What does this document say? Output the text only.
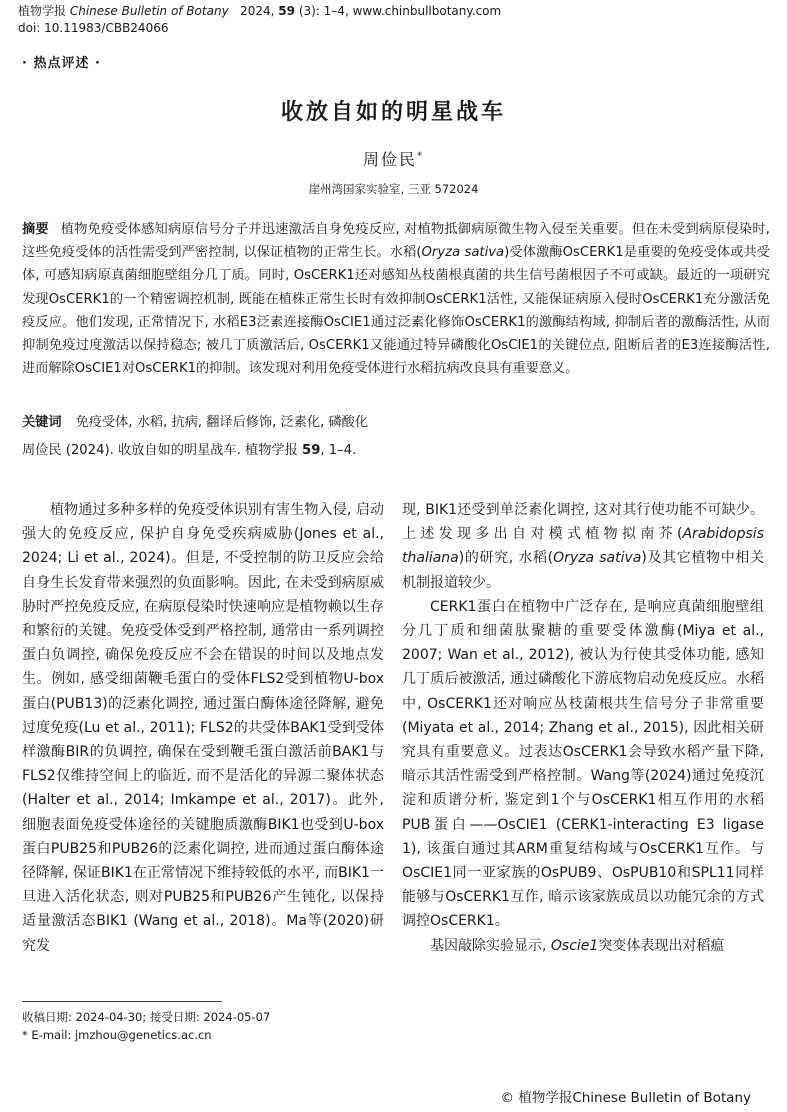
植物学报 Chinese Bulletin of Botany 2024, 59 (3): 1–4, www.chinbullbotany.com
doi: 10.11983/CBB24066
· 热点评述 ·
收放自如的明星战车
周俭民*
崖州湾国家实验室, 三亚 572024
摘要 植物免疫受体感知病原信号分子并迅速激活自身免疫反应, 对植物抵御病原微生物入侵至关重要。但在未受到病原侵染时, 这些免疫受体的活性需受到严密控制, 以保证植物的正常生长。水稻(Oryza sativa)受体激酶OsCERK1是重要的免疫受体或共受体, 可感知病原真菌细胞壁组分几丁质。同时, OsCERK1还对感知丛枝菌根真菌的共生信号菌根因子不可或缺。最近的一项研究发现OsCERK1的一个精密调控机制, 既能在植株正常生长时有效抑制OsCERK1活性, 又能保证病原入侵时OsCERK1充分激活免疫反应。他们发现, 正常情况下, 水稻E3泛素连接酶OsCIE1通过泛素化修饰OsCERK1的激酶结构域, 抑制后者的激酶活性, 从而抑制免疫过度激活以保持稳态; 被几丁质激活后, OsCERK1又能通过特异磷酸化OsCIE1的关键位点, 阻断后者的E3连接酶活性, 进而解除OsCIE1对OsCERK1的抑制。该发现对利用免疫受体进行水稻抗病改良具有重要意义。
关键词 免疫受体, 水稻, 抗病, 翻译后修饰, 泛素化, 磷酸化
周俭民 (2024). 收放自如的明星战车. 植物学报 59, 1–4.

植物通过多种多样的免疫受体识别有害生物入侵, 启动强大的免疫反应, 保护自身免受疾病威胁(Jones et al., 2024; Li et al., 2024)。但是, 不受控制的防卫反应会给自身生长发育带来强烈的负面影响。因此, 在未受到病原威胁时严控免疫反应, 在病原侵染时快速响应是植物赖以生存和繁衍的关键。免疫受体受到严格控制, 通常由一系列调控蛋白负调控, 确保免疫反应不会在错误的时间以及地点发生。例如, 感受细菌鞭毛蛋白的受体FLS2受到植物U-box蛋白(PUB13)的泛素化调控, 通过蛋白酶体途径降解, 避免过度免疫(Lu et al., 2011); FLS2的共受体BAK1受到受体样激酶BIR的负调控, 确保在受到鞭毛蛋白激活前BAK1与FLS2仅维持空间上的临近, 而不是活化的异源二聚体状态(Halter et al., 2014; Imkampe et al., 2017)。此外, 细胞表面免疫受体途径的关键胞质激酶BIK1也受到U-box蛋白PUB25和PUB26的泛素化调控, 进而通过蛋白酶体途径降解, 保证BIK1在正常情况下维持较低的水平, 而BIK1一旦进入活化状态, 则对PUB25和PUB26产生钝化, 以保持适量激活态BIK1 (Wang et al., 2018)。Ma等(2020)研究发

现, BIK1还受到单泛素化调控, 这对其行使功能不可缺少。上述发现多出自对模式植物拟南芥(Arabidopsis thaliana)的研究, 水稻(Oryza sativa)及其它植物中相关机制报道较少。

CERK1蛋白在植物中广泛存在, 是响应真菌细胞壁组分几丁质和细菌肽聚糖的重要受体激酶(Miya et al., 2007; Wan et al., 2012), 被认为行使其受体功能, 感知几丁质后被激活, 通过磷酸化下游底物启动免疫反应。水稻中, OsCERK1还对响应丛枝菌根共生信号分子非常重要(Miyata et al., 2014; Zhang et al., 2015), 因此相关研究具有重要意义。过表达OsCERK1会导致水稻产量下降, 暗示其活性需受到严格控制。Wang等(2024)通过免疫沉淀和质谱分析, 鉴定到1个与OsCERK1相互作用的水稻PUB蛋白——OsCIE1 (CERK1-interacting E3 ligase 1), 该蛋白通过其ARM重复结构域与OsCERK1互作。与OsCIE1同一亚家族的OsPUB9、OsPUB10和SPL11同样能够与OsCERK1互作, 暗示该家族成员以功能冗余的方式调控OsCERK1。

基因敲除实验显示, Oscie1突变体表现出对稻瘟

收稿日期: 2024-04-30; 接受日期: 2024-05-07
* E-mail: jmzhou@genetics.ac.cn
© 植物学报Chinese Bulletin of Botany
